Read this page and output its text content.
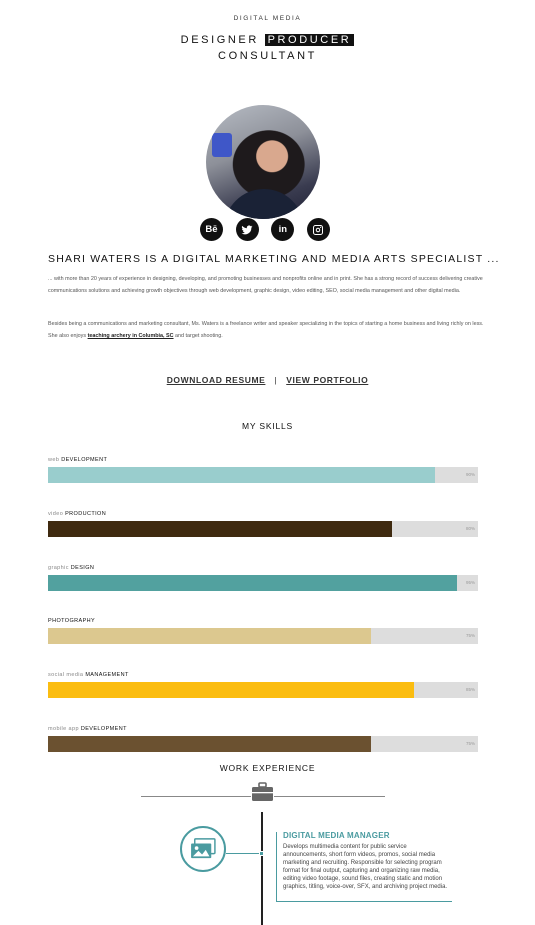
DIGITAL MEDIA
DESIGNER PRODUCER
CONSULTANT
Bē	in
SHARI WATERS IS A DIGITAL MARKETING AND MEDIA ARTS SPECIALIST ...

... with more than 20 years of experience in designing, developing, and promoting businesses and nonprofits online and in print. She has a strong record of success delivering creative communications solutions and achieving growth objectives through web development, graphic design, video editing, SEO, social media management and other digital media.

Besides being a communications and marketing consultant, Ms. Waters is a freelance writer and speaker specializing in the topics of starting a home business and living richly on less. She also enjoys teaching archery in Columbia, SC and target shooting.

DOWNLOAD RESUME | VIEW PORTFOLIO
MY SKILLS
web DEVELOPMENT
90%
video PRODUCTION
80%
graphic DESIGN
95%
PHOTOGRAPHY
75%
social media MANAGEMENT
85%
mobile app DEVELOPMENT
75%
WORK EXPERIENCE
DIGITAL MEDIA MANAGER
Develops multimedia content for public service announcements, short form videos, promos, social media marketing and recruiting. Responsible for selecting program format for final output, capturing and organizing raw media, editing video footage, sound files, creating static and motion graphics, titling, voice-over, SFX, and archiving project media.
